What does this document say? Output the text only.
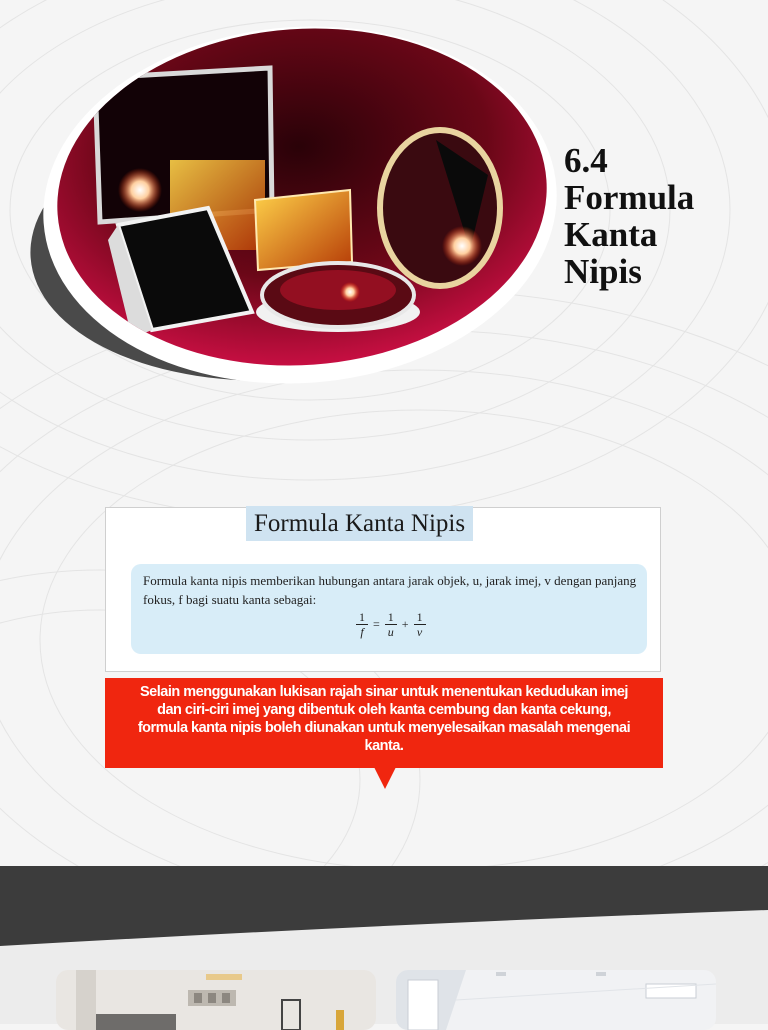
6.4
Formula
Kanta
Nipis
Formula Kanta Nipis

Formula kanta nipis memberikan hubungan antara jarak objek, u, jarak imej, v dengan panjang fokus, f bagi suatu kanta sebagai:

$\frac{1}{f} = \frac{1}{u} + \frac{1}{v}$
Selain menggunakan lukisan rajah sinar untuk menentukan kedudukan imej dan ciri-ciri imej yang dibentuk oleh kanta cembung dan kanta cekung, formula kanta nipis boleh diunakan untuk menyelesaikan masalah mengenai kanta.
